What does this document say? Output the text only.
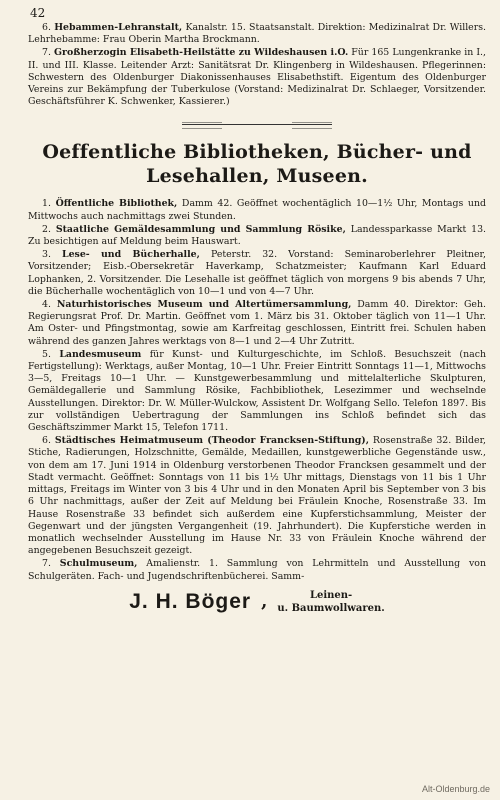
42

6. Hebammen-Lehranstalt, Kanalstr. 15. Staatsanstalt. Direktion: Medizinalrat Dr. Willers. Lehrhebamme: Frau Oberin Martha Brockmann.

7. Großherzogin Elisabeth-Heilstätte zu Wildeshausen i.O. Für 165 Lungenkranke in I., II. und III. Klasse. Leitender Arzt: Sanitätsrat Dr. Klingenberg in Wildeshausen. Pflegerinnen: Schwestern des Oldenburger Diakonissenhauses Elisabethstift. Eigentum des Oldenburger Vereins zur Bekämpfung der Tuberkulose (Vorstand: Medizinalrat Dr. Schlaeger, Vorsitzender. Geschäftsführer K. Schwenker, Kassierer.)

Oeffentliche Bibliotheken, Bücher- und Lesehallen, Museen.

1. Öffentliche Bibliothek, Damm 42. Geöffnet wochentäglich 10—1½ Uhr, Montags und Mittwochs auch nachmittags zwei Stunden.

2. Staatliche Gemäldesammlung und Sammlung Rösike, Landessparkasse Markt 13. Zu besichtigen auf Meldung beim Hauswart.

3. Lese- und Bücherhalle, Peterstr. 32. Vorstand: Seminaroberlehrer Pleitner, Vorsitzender; Eisb.-Obersekretär Haverkamp, Schatzmeister; Kaufmann Karl Eduard Lophanken, 2. Vorsitzender. Die Lesehalle ist geöffnet täglich von morgens 9 bis abends 7 Uhr, die Bücherhalle wochentäglich von 10—1 und von 4—7 Uhr.

4. Naturhistorisches Museum und Altertümersammlung, Damm 40. Direktor: Geh. Regierungsrat Prof. Dr. Martin. Geöffnet vom 1. März bis 31. Oktober täglich von 11—1 Uhr. Am Oster- und Pfingstmontag, sowie am Karfreitag geschlossen, Eintritt frei. Schulen haben während des ganzen Jahres werktags von 8—1 und 2—4 Uhr Zutritt.

5. Landesmuseum für Kunst- und Kulturgeschichte, im Schloß. Besuchszeit (nach Fertigstellung): Werktags, außer Montag, 10—1 Uhr. Freier Eintritt Sonntags 11—1, Mittwochs 3—5, Freitags 10—1 Uhr. — Kunstgewerbesammlung und mittelalterliche Skulpturen, Gemäldegallerie und Sammlung Rösike, Fachbibliothek, Lesezimmer und wechselnde Ausstellungen. Direktor: Dr. W. Müller-Wulckow, Assistent Dr. Wolfgang Sello. Telefon 1897. Bis zur vollständigen Uebertragung der Sammlungen ins Schloß befindet sich das Geschäftszimmer Markt 15, Telefon 1711.

6. Städtisches Heimatmuseum (Theodor Francksen-Stiftung), Rosenstraße 32. Bilder, Stiche, Radierungen, Holzschnitte, Gemälde, Medaillen, kunstgewerbliche Gegenstände usw., von dem am 17. Juni 1914 in Oldenburg verstorbenen Theodor Francksen gesammelt und der Stadt vermacht. Geöffnet: Sonntags von 11 bis 1½ Uhr mittags, Dienstags von 11 bis 1 Uhr mittags, Freitags im Winter von 3 bis 4 Uhr und in den Monaten April bis September von 3 bis 6 Uhr nachmittags, außer der Zeit auf Meldung bei Fräulein Knoche, Rosenstraße 33. Im Hause Rosenstraße 33 befindet sich außerdem eine Kupferstichsammlung, Meister der Gegenwart und der jüngsten Vergangenheit (19. Jahrhundert). Die Kupferstiche werden in monatlich wechselnder Ausstellung im Hause Nr. 33 von Fräulein Knoche während der angegebenen Besuchszeit gezeigt.

7. Schulmuseum, Amalienstr. 1. Sammlung von Lehrmitteln und Ausstellung von Schulgeräten. Fach- und Jugendschriftenbücherei. Samm-

J. H. Böger ,	Leinen-
u. Baumwollwaren.
Alt-Oldenburg.de
